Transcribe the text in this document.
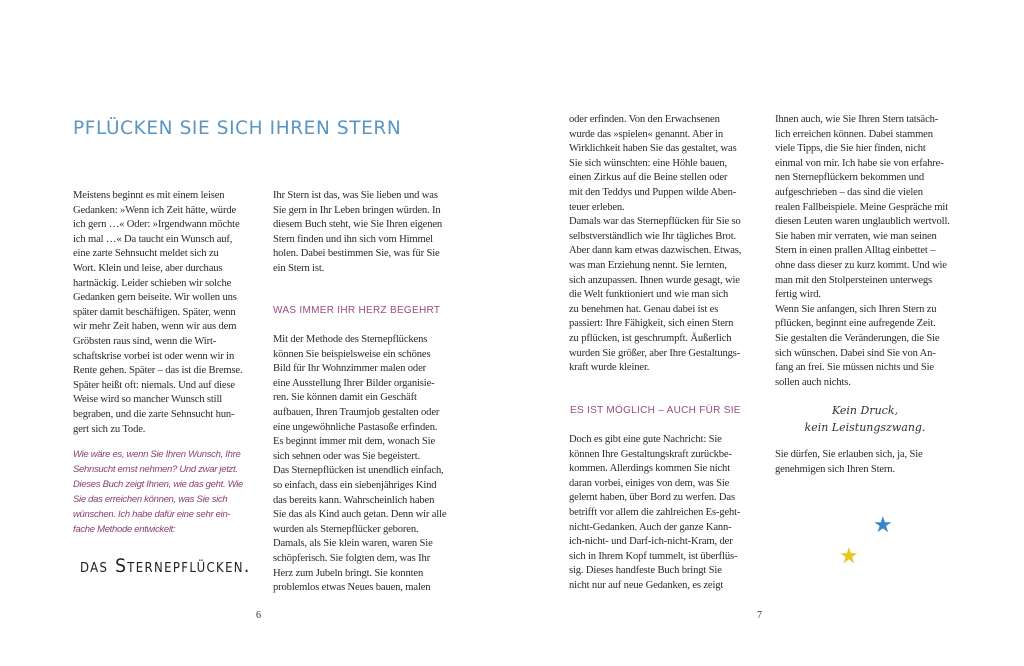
PFLÜCKEN SIE SICH IHREN STERN
Meistens beginnt es mit einem leisen
Gedanken: »Wenn ich Zeit hätte, würde
ich gern …« Oder: »Irgendwann möchte
ich mal …« Da taucht ein Wunsch auf,
eine zarte Sehnsucht meldet sich zu
Wort. Klein und leise, aber durchaus
hartnäckig. Leider schieben wir solche
Gedanken gern beiseite. Wir wollen uns
später damit beschäftigen. Später, wenn
wir mehr Zeit haben, wenn wir aus dem
Gröbsten raus sind, wenn die Wirt-
schaftskrise vorbei ist oder wenn wir in
Rente gehen. Später – das ist die Bremse.
Später heißt oft: niemals. Und auf diese
Weise wird so mancher Wunsch still
begraben, und die zarte Sehnsucht hun-
gert sich zu Tode.
Wie wäre es, wenn Sie Ihren Wunsch, Ihre
Sehnsucht ernst nehmen? Und zwar jetzt.
Dieses Buch zeigt Ihnen, wie das geht. Wie
Sie das erreichen können, was Sie sich
wünschen. Ich habe dafür eine sehr ein-
fache Methode entwickelt:
das Sternepflücken.
Ihr Stern ist das, was Sie lieben und was
Sie gern in Ihr Leben bringen würden. In
diesem Buch steht, wie Sie Ihren eigenen
Stern finden und ihn sich vom Himmel
holen. Dabei bestimmen Sie, was für Sie
ein Stern ist.
WAS IMMER IHR HERZ BEGEHRT
Mit der Methode des Sternepflückens
können Sie beispielsweise ein schönes
Bild für Ihr Wohnzimmer malen oder
eine Ausstellung Ihrer Bilder organisie-
ren. Sie können damit ein Geschäft
aufbauen, Ihren Traumjob gestalten oder
eine ungewöhnliche Pastasoße erfinden.
Es beginnt immer mit dem, wonach Sie
sich sehnen oder was Sie begeistert.
Das Sternepflücken ist unendlich einfach,
so einfach, dass ein siebenjähriges Kind
das bereits kann. Wahrscheinlich haben
Sie das als Kind auch getan. Denn wir alle
wurden als Sternepflücker geboren.
Damals, als Sie klein waren, waren Sie
schöpferisch. Sie folgten dem, was Ihr
Herz zum Jubeln bringt. Sie konnten
problemlos etwas Neues bauen, malen
6
oder erfinden. Von den Erwachsenen
wurde das »spielen« genannt. Aber in
Wirklichkeit haben Sie das gestaltet, was
Sie sich wünschten: eine Höhle bauen,
einen Zirkus auf die Beine stellen oder
mit den Teddys und Puppen wilde Aben-
teuer erleben.
Damals war das Sternepflücken für Sie so
selbstverständlich wie Ihr tägliches Brot.
Aber dann kam etwas dazwischen. Etwas,
was man Erziehung nennt. Sie lernten,
sich anzupassen. Ihnen wurde gesagt, wie
die Welt funktioniert und wie man sich
zu benehmen hat. Genau dabei ist es
passiert: Ihre Fähigkeit, sich einen Stern
zu pflücken, ist geschrumpft. Äußerlich
wurden Sie größer, aber Ihre Gestaltungs-
kraft wurde kleiner.
ES IST MÖGLICH – AUCH FÜR SIE
Doch es gibt eine gute Nachricht: Sie
können Ihre Gestaltungskraft zurückbe-
kommen. Allerdings kommen Sie nicht
daran vorbei, einiges von dem, was Sie
gelernt haben, über Bord zu werfen. Das
betrifft vor allem die zahlreichen Es-geht-
nicht-Gedanken. Auch der ganze Kann-
ich-nicht- und Darf-ich-nicht-Kram, der
sich in Ihrem Kopf tummelt, ist überflüs-
sig. Dieses handfeste Buch bringt Sie
nicht nur auf neue Gedanken, es zeigt
Ihnen auch, wie Sie Ihren Stern tatsäch-
lich erreichen können. Dabei stammen
viele Tipps, die Sie hier finden, nicht
einmal von mir. Ich habe sie von erfahre-
nen Sternepflückern bekommen und
aufgeschrieben – das sind die vielen
realen Fallbeispiele. Meine Gespräche mit
diesen Leuten waren unglaublich wertvoll.
Sie haben mir verraten, wie man seinen
Stern in einen prallen Alltag einbettet –
ohne dass dieser zu kurz kommt. Und wie
man mit den Stolpersteinen unterwegs
fertig wird.
Wenn Sie anfangen, sich Ihren Stern zu
pflücken, beginnt eine aufregende Zeit.
Sie gestalten die Veränderungen, die Sie
sich wünschen. Dabei sind Sie von An-
fang an frei. Sie müssen nichts und Sie
sollen auch nichts.
Kein Druck,
kein Leistungszwang.
Sie dürfen, Sie erlauben sich, ja, Sie
genehmigen sich Ihren Stern.
★
★
7
